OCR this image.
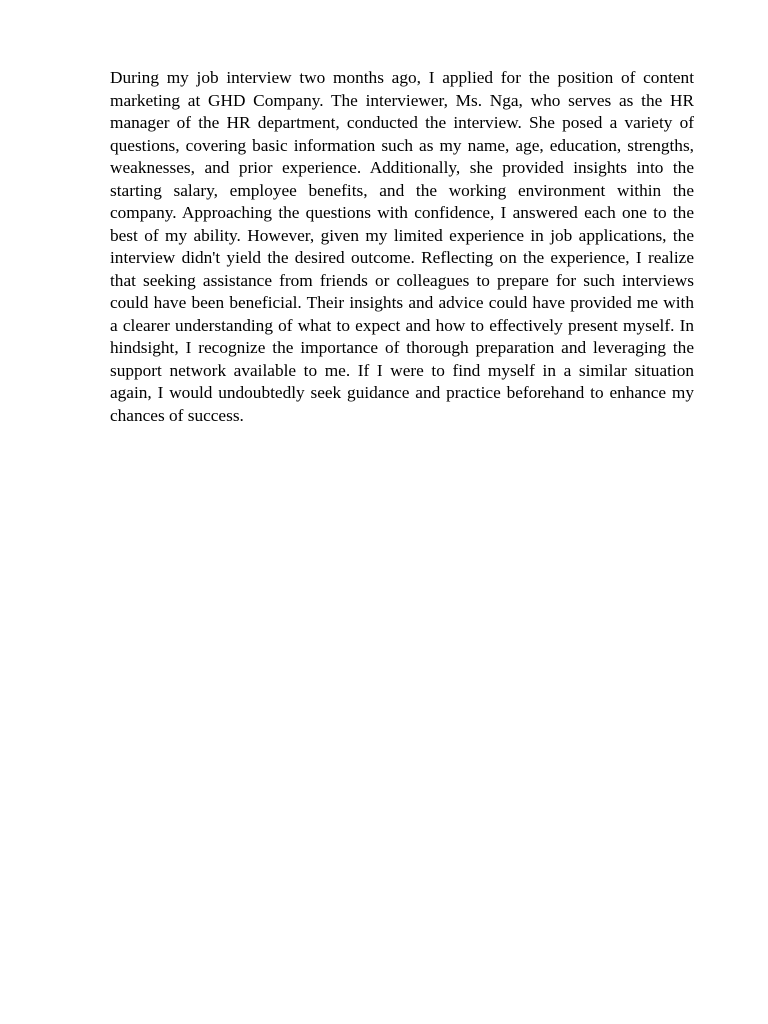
During my job interview two months ago, I applied for the position of content marketing at GHD Company. The interviewer, Ms. Nga, who serves as the HR manager of the HR department, conducted the interview. She posed a variety of questions, covering basic information such as my name, age, education, strengths, weaknesses, and prior experience. Additionally, she provided insights into the starting salary, employee benefits, and the working environment within the company. Approaching the questions with confidence, I answered each one to the best of my ability. However, given my limited experience in job applications, the interview didn't yield the desired outcome. Reflecting on the experience, I realize that seeking assistance from friends or colleagues to prepare for such interviews could have been beneficial. Their insights and advice could have provided me with a clearer understanding of what to expect and how to effectively present myself. In hindsight, I recognize the importance of thorough preparation and leveraging the support network available to me. If I were to find myself in a similar situation again, I would undoubtedly seek guidance and practice beforehand to enhance my chances of success.
